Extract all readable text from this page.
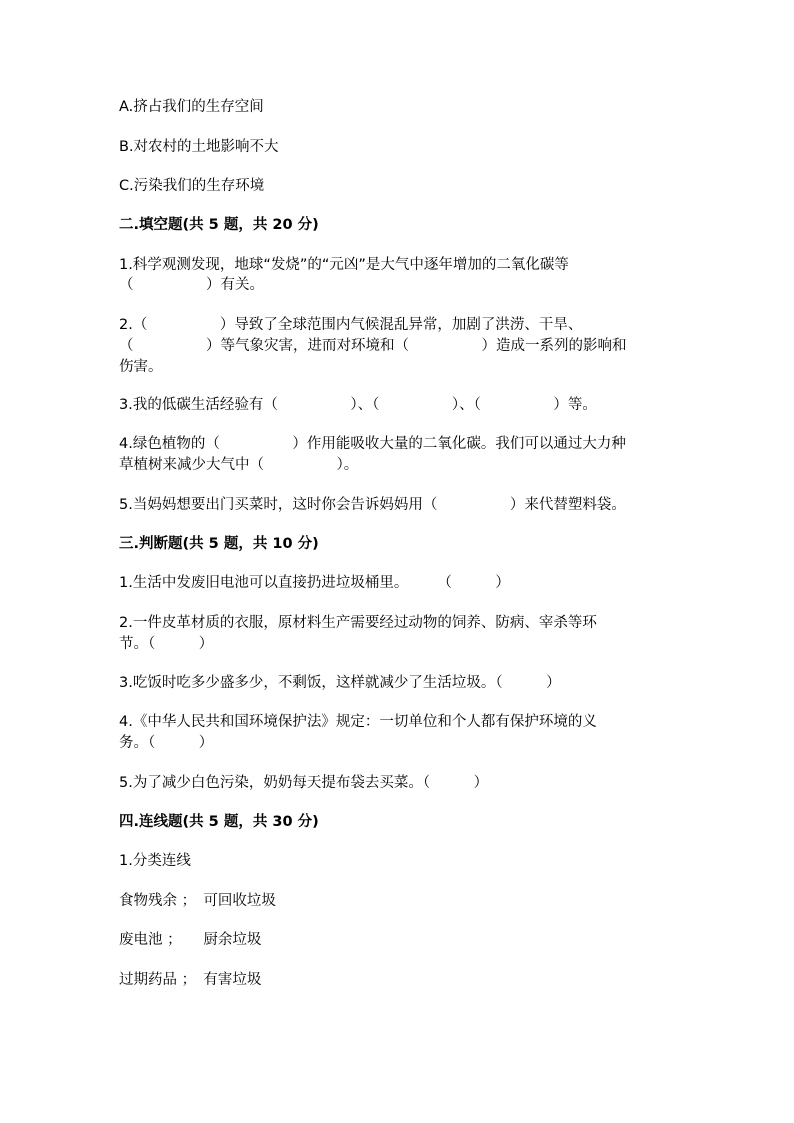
A.挤占我们的生存空间
B.对农村的土地影响不大
C.污染我们的生存环境
二.填空题(共 5 题，共 20 分)
1.科学观测发现，地球“发烧”的“元凶”是大气中逐年增加的二氧化碳等
（　　　　　）有关。
2.（　　　　　）导致了全球范围内气候混乱异常，加剧了洪涝、干旱、
（　　　　　）等气象灾害，进而对环境和（　　　　　）造成一系列的影响和
伤害。
3.我的低碳生活经验有（　　　　　）、（　　　　　）、（　　　　　）等。
4.绿色植物的（　　　　　）作用能吸收大量的二氧化碳。我们可以通过大力种
草植树来减少大气中（　　　　　）。
5.当妈妈想要出门买菜时，这时你会告诉妈妈用（　　　　　）来代替塑料袋。
三.判断题(共 5 题，共 10 分)
1.生活中发废旧电池可以直接扔进垃圾桶里。　　　（　　　）
2.一件皮革材质的衣服，原材料生产需要经过动物的饲养、防病、宰杀等环
节。（　　　）
3.吃饭时吃多少盛多少，不剩饭，这样就减少了生活垃圾。（　　　）
4.《中华人民共和国环境保护法》规定：一切单位和个人都有保护环境的义
务。（　　　）
5.为了减少白色污染，奶奶每天提布袋去买菜。（　　　）
四.连线题(共 5 题，共 30 分)
1.分类连线
食物残余 ；　可回收垃圾
废电池 ；　　厨余垃圾
过期药品 ；　有害垃圾
